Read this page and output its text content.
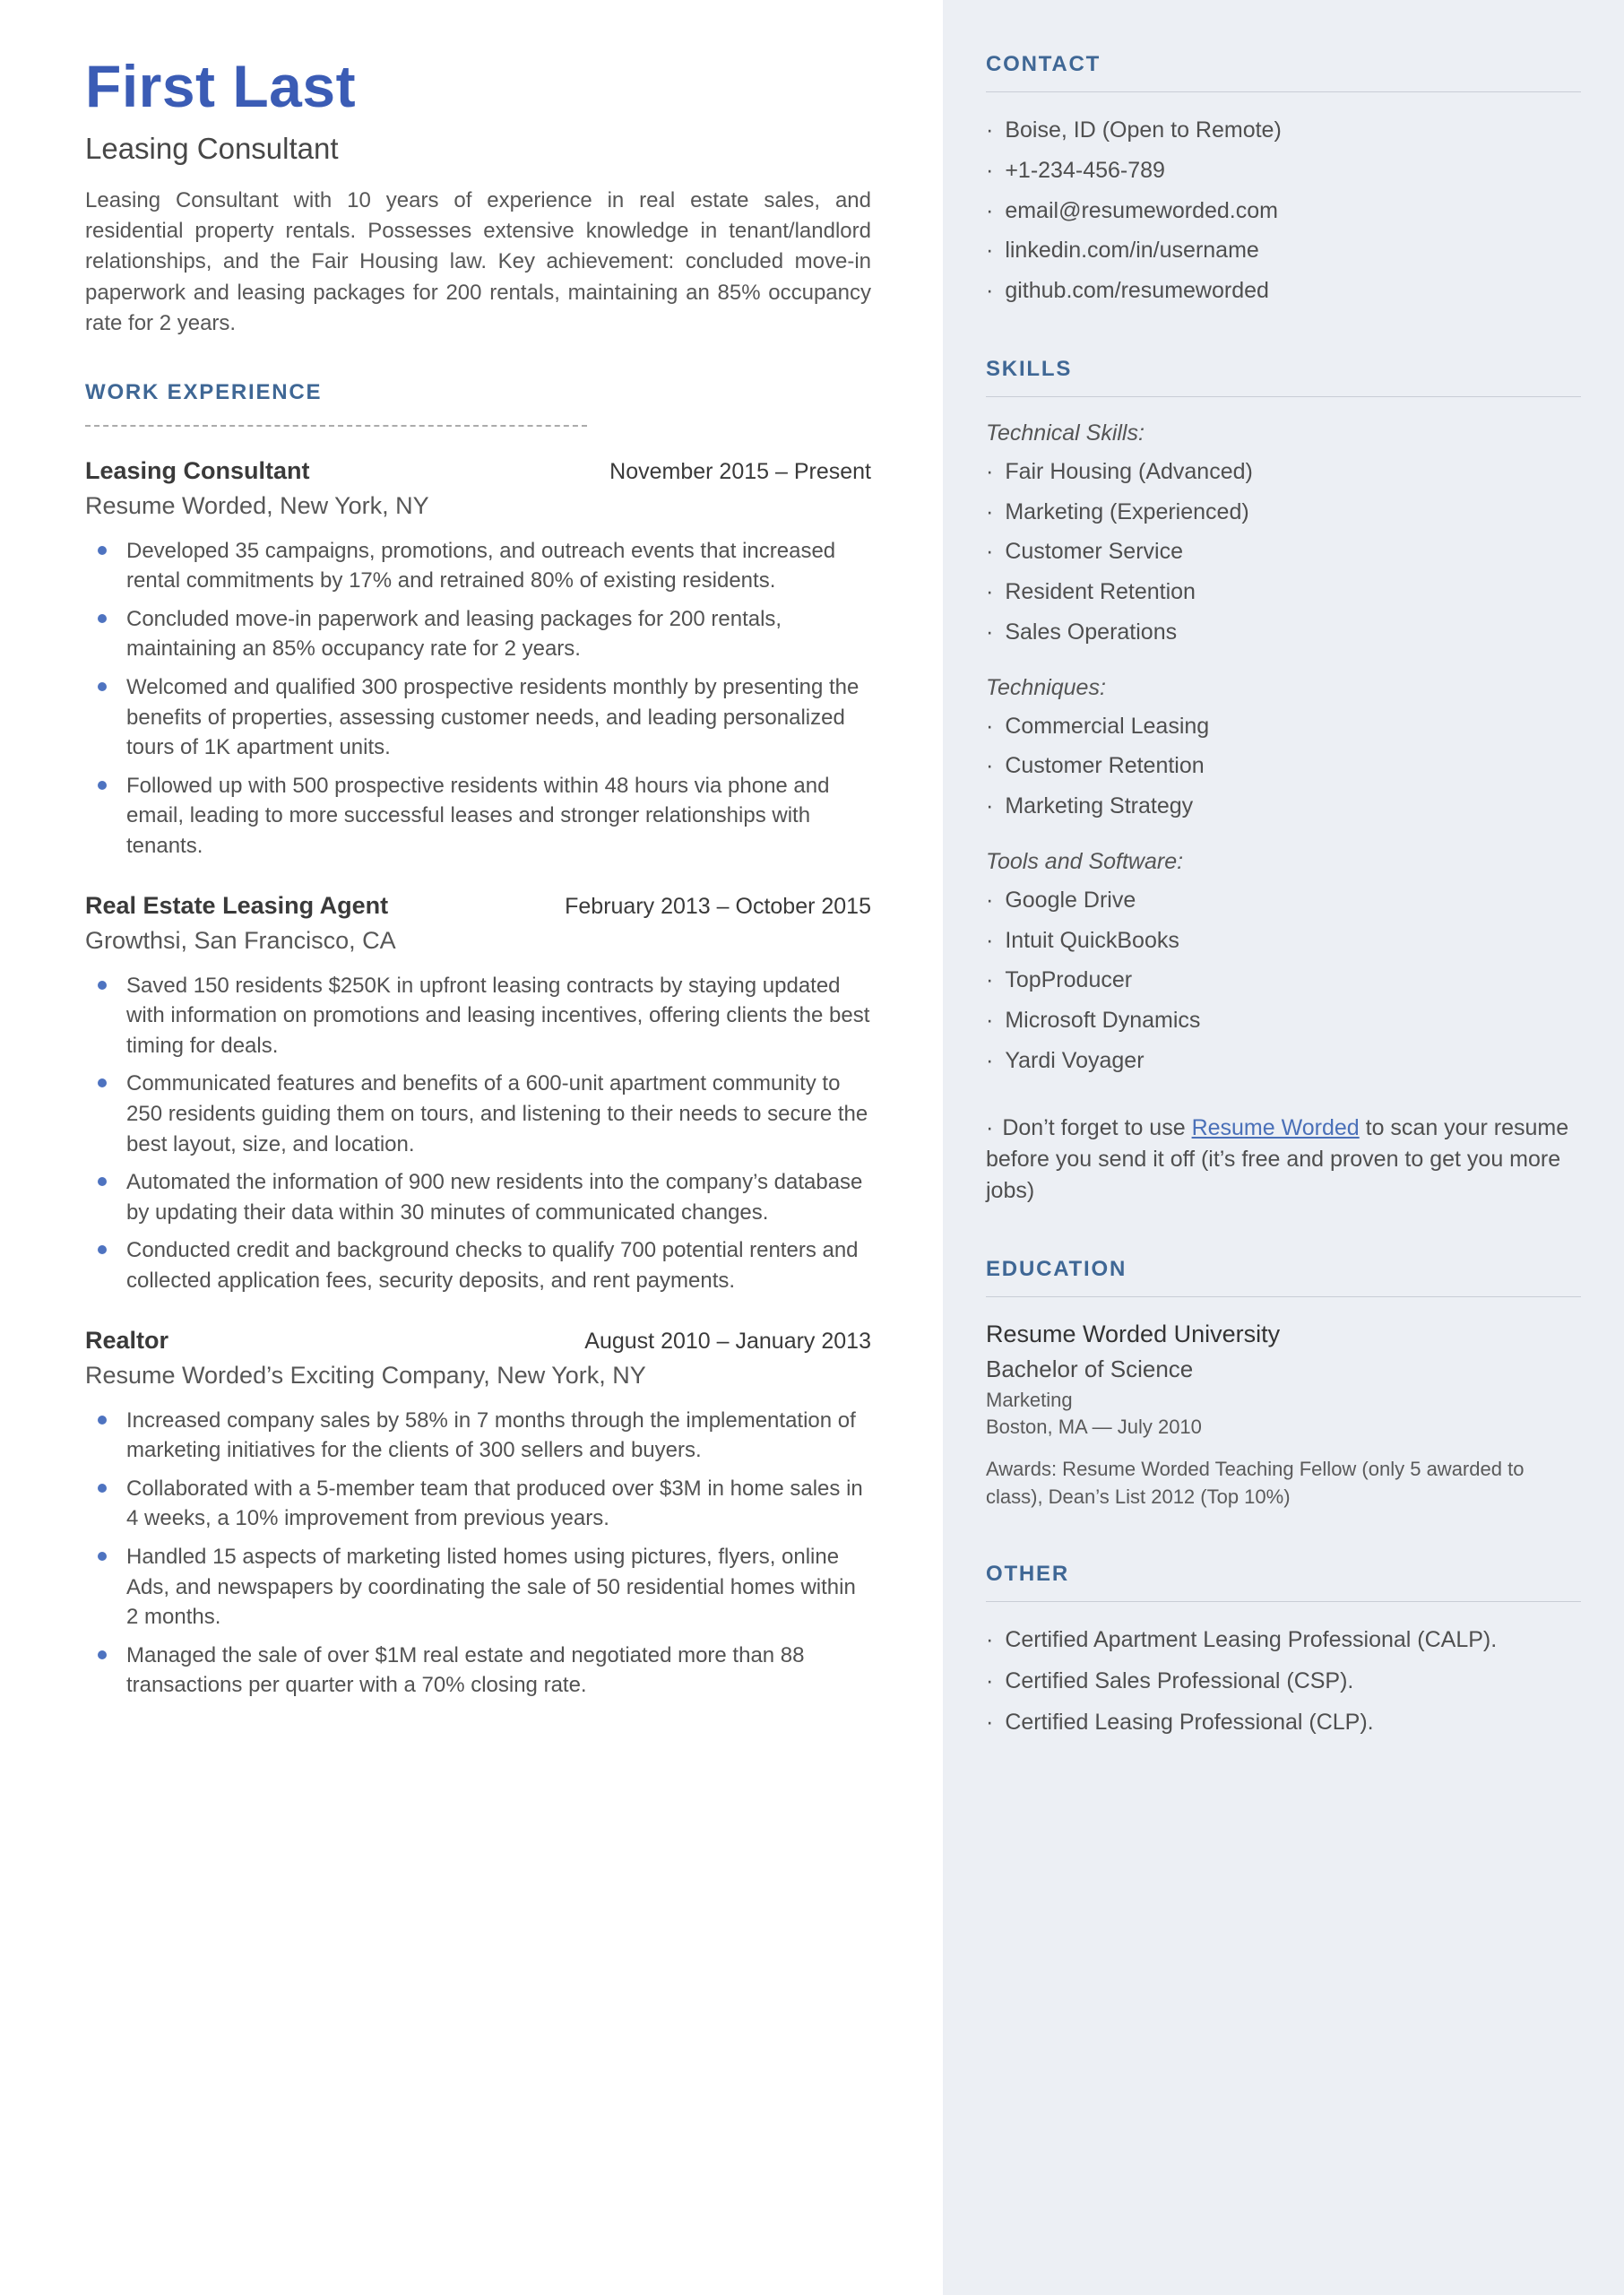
First Last
Leasing Consultant

Leasing Consultant with 10 years of experience in real estate sales, and residential property rentals. Possesses extensive knowledge in tenant/landlord relationships, and the Fair Housing law. Key achievement: concluded move-in paperwork and leasing packages for 200 rentals, maintaining an 85% occupancy rate for 2 years.

WORK EXPERIENCE
Leasing Consultant	November 2015 – Present
Resume Worded, New York, NY
Developed 35 campaigns, promotions, and outreach events that increased rental commitments by 17% and retrained 80% of existing residents.
Concluded move-in paperwork and leasing packages for 200 rentals, maintaining an 85% occupancy rate for 2 years.
Welcomed and qualified 300 prospective residents monthly by presenting the benefits of properties, assessing customer needs, and leading personalized tours of 1K apartment units.
Followed up with 500 prospective residents within 48 hours via phone and email, leading to more successful leases and stronger relationships with tenants.
Real Estate Leasing Agent	February 2013 – October 2015
Growthsi, San Francisco, CA
Saved 150 residents $250K in upfront leasing contracts by staying updated with information on promotions and leasing incentives, offering clients the best timing for deals.
Communicated features and benefits of a 600-unit apartment community to 250 residents guiding them on tours, and listening to their needs to secure the best layout, size, and location.
Automated the information of 900 new residents into the company’s database by updating their data within 30 minutes of communicated changes.
Conducted credit and background checks to qualify 700 potential renters and collected application fees, security deposits, and rent payments.
Realtor	August 2010 – January 2013
Resume Worded’s Exciting Company, New York, NY
Increased company sales by 58% in 7 months through the implementation of marketing initiatives for the clients of 300 sellers and buyers.
Collaborated with a 5-member team that produced over $3M in home sales in 4 weeks, a 10% improvement from previous years.
Handled 15 aspects of marketing listed homes using pictures, flyers, online Ads, and newspapers by coordinating the sale of 50 residential homes within 2 months.
Managed the sale of over $1M real estate and negotiated more than 88 transactions per quarter with a 70% closing rate.
CONTACT
· Boise, ID (Open to Remote)
· +1-234-456-789
· email@resumeworded.com
· linkedin.com/in/username
· github.com/resumeworded
SKILLS
Technical Skills:
· Fair Housing (Advanced)
· Marketing (Experienced)
· Customer Service
· Resident Retention
· Sales Operations
Techniques:
· Commercial Leasing
· Customer Retention
· Marketing Strategy
Tools and Software:
· Google Drive
· Intuit QuickBooks
· TopProducer
· Microsoft Dynamics
· Yardi Voyager

· Don’t forget to use Resume Worded to scan your resume before you send it off (it’s free and proven to get you more jobs)

EDUCATION
Resume Worded University
Bachelor of Science
Marketing
Boston, MA — July 2010

Awards: Resume Worded Teaching Fellow (only 5 awarded to class), Dean’s List 2012 (Top 10%)

OTHER
· Certified Apartment Leasing Professional (CALP).
· Certified Sales Professional (CSP).
· Certified Leasing Professional (CLP).
